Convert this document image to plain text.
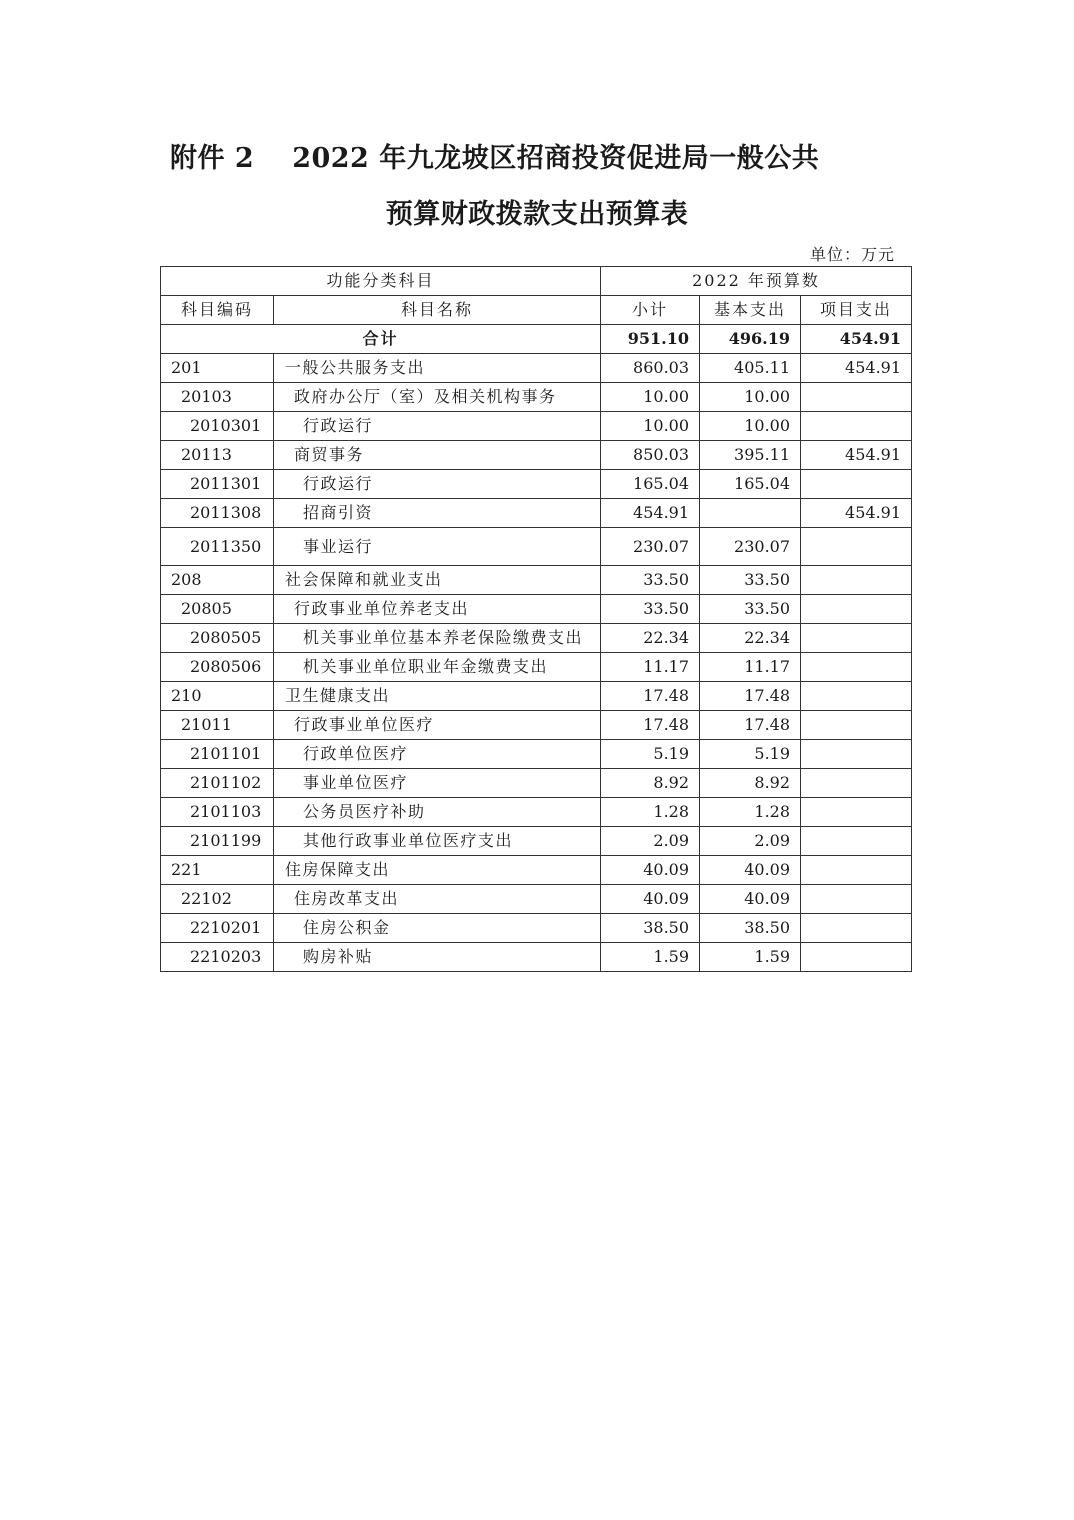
附件 2 2022 年九龙坡区招商投资促进局一般公共
预算财政拨款支出预算表
单位：万元
功能分类科目		2022 年预算数		
科目编码	科目名称	小计	基本支出	项目支出
合计		951.10	496.19	454.91
201	一般公共服务支出	860.03	405.11	454.91
20103	政府办公厅（室）及相关机构事务	10.00	10.00	
2010301	行政运行	10.00	10.00	
20113	商贸事务	850.03	395.11	454.91
2011301	行政运行	165.04	165.04	
2011308	招商引资	454.91		454.91
2011350	事业运行	230.07	230.07	
208	社会保障和就业支出	33.50	33.50	
20805	行政事业单位养老支出	33.50	33.50	
2080505	机关事业单位基本养老保险缴费支出	22.34	22.34	
2080506	机关事业单位职业年金缴费支出	11.17	11.17	
210	卫生健康支出	17.48	17.48	
21011	行政事业单位医疗	17.48	17.48	
2101101	行政单位医疗	5.19	5.19	
2101102	事业单位医疗	8.92	8.92	
2101103	公务员医疗补助	1.28	1.28	
2101199	其他行政事业单位医疗支出	2.09	2.09	
221	住房保障支出	40.09	40.09	
22102	住房改革支出	40.09	40.09	
2210201	住房公积金	38.50	38.50	
2210203	购房补贴	1.59	1.59	
